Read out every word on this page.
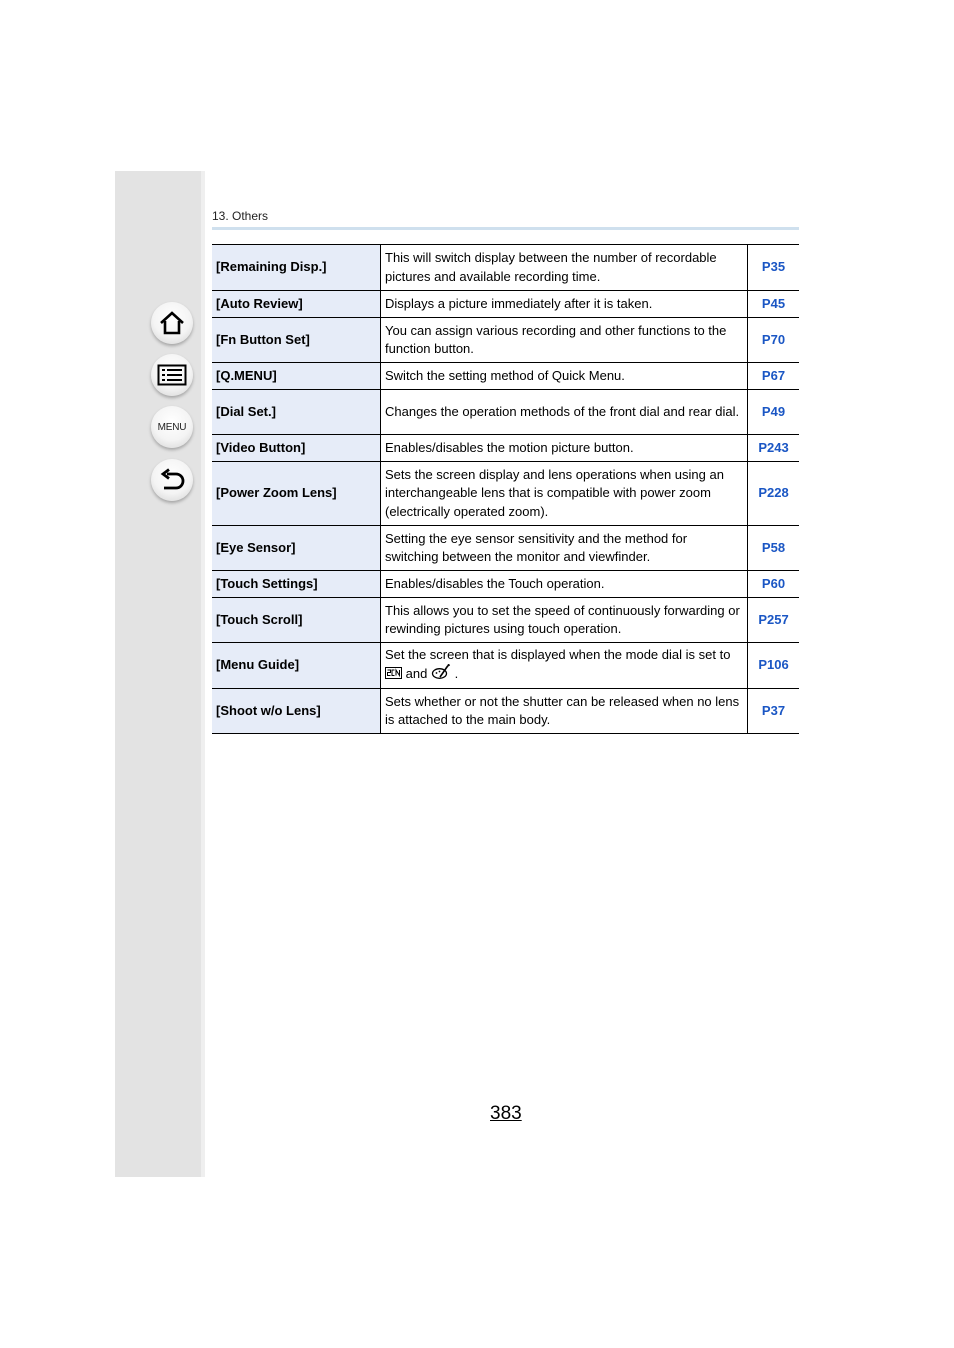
MENU
13. Others
[Remaining Disp.]	This will switch display between the number of recordable pictures and available recording time.	P35
[Auto Review]	Displays a picture immediately after it is taken.	P45
[Fn Button Set]	You can assign various recording and other functions to the function button.	P70
[Q.MENU]	Switch the setting method of Quick Menu.	P67
[Dial Set.]	Changes the operation methods of the front dial and rear dial.	P49
[Video Button]	Enables/disables the motion picture button.	P243
[Power Zoom Lens]	Sets the screen display and lens operations when using an interchangeable lens that is compatible with power zoom (electrically operated zoom).	P228
[Eye Sensor]	Setting the eye sensor sensitivity and the method for switching between the monitor and viewfinder.	P58
[Touch Settings]	Enables/disables the Touch operation.	P60
[Touch Scroll]	This allows you to set the speed of continuously forwarding or rewinding pictures using touch operation.	P257
[Menu Guide]	Set the screen that is displayed when the mode dial is set to  and .	P106
[Shoot w/o Lens]	Sets whether or not the shutter can be released when no lens is attached to the main body.	P37
383
